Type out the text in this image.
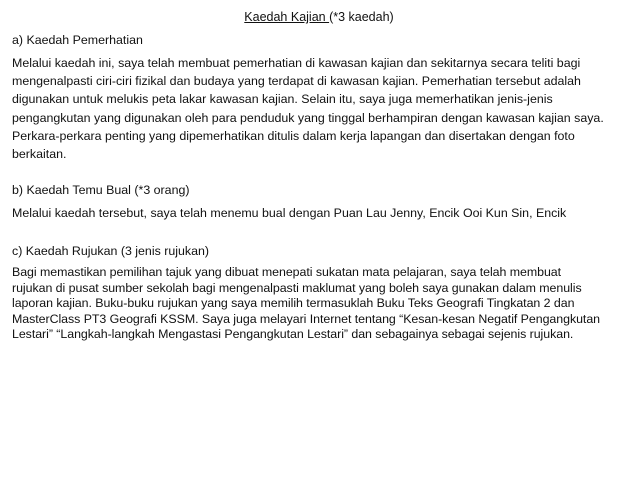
Kaedah Kajian (*3 kaedah)
a) Kaedah Pemerhatian
Melalui kaedah ini, saya telah membuat pemerhatian di kawasan kajian dan sekitarnya secara teliti bagi
mengenalpasti ciri-ciri fizikal dan budaya yang terdapat di kawasan kajian. Pemerhatian tersebut adalah
digunakan untuk melukis peta lakar kawasan kajian. Selain itu, saya juga memerhatikan jenis-jenis
pengangkutan yang digunakan oleh para penduduk yang tinggal berhampiran dengan kawasan kajian saya.
Perkara-perkara penting yang dipemerhatikan ditulis dalam kerja lapangan dan disertakan dengan foto
berkaitan.
b) Kaedah Temu Bual (*3 orang)
Melalui kaedah tersebut, saya telah menemu bual dengan Puan Lau Jenny, Encik Ooi Kun Sin, Encik
c) Kaedah Rujukan (3 jenis rujukan)
Bagi memastikan pemilihan tajuk yang dibuat menepati sukatan mata pelajaran, saya telah membuat
rujukan di pusat sumber sekolah bagi mengenalpasti maklumat yang boleh saya gunakan dalam menulis
laporan kajian. Buku-buku rujukan yang saya memilih termasuklah Buku Teks Geografi Tingkatan 2 dan
MasterClass PT3 Geografi KSSM. Saya juga melayari Internet tentang “Kesan-kesan Negatif Pengangkutan
Lestari” “Langkah-langkah Mengastasi Pengangkutan Lestari” dan sebagainya sebagai sejenis rujukan.
